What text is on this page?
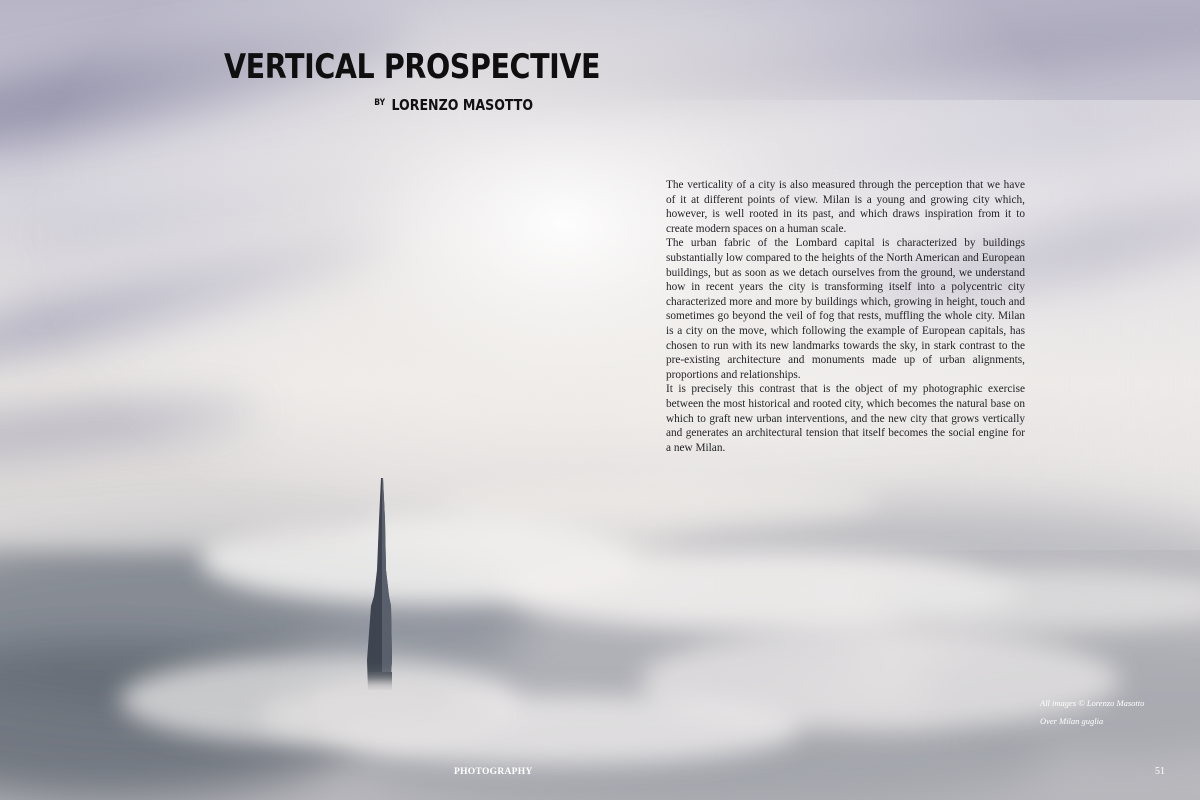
VERTICAL PROSPECTIVE
$^{BY}$ LORENZO MASOTTO

The verticality of a city is also measured through the perception that we have of it at different points of view. Milan is a young and growing city which, however, is well rooted in its past, and which draws inspiration from it to create modern spaces on a human scale.

The urban fabric of the Lombard capital is characterized by buildings substantially low compared to the heights of the North American and European buildings, but as soon as we detach ourselves from the ground, we understand how in recent years the city is transforming itself into a polycentric city characterized more and more by buildings which, growing in height, touch and sometimes go beyond the veil of fog that rests, muffling the whole city. Milan is a city on the move, which following the example of European capitals, has chosen to run with its new landmarks towards the sky, in stark contrast to the pre-existing architecture and monuments made up of urban alignments, proportions and relationships.

It is precisely this contrast that is the object of my photographic exercise between the most historical and rooted city, which becomes the natural base on which to graft new urban interventions, and the new city that grows vertically and generates an architectural tension that itself becomes the social engine for a new Milan.

All images © Lorenzo Masotto
Over Milan guglia
PHOTOGRAPHY	51
